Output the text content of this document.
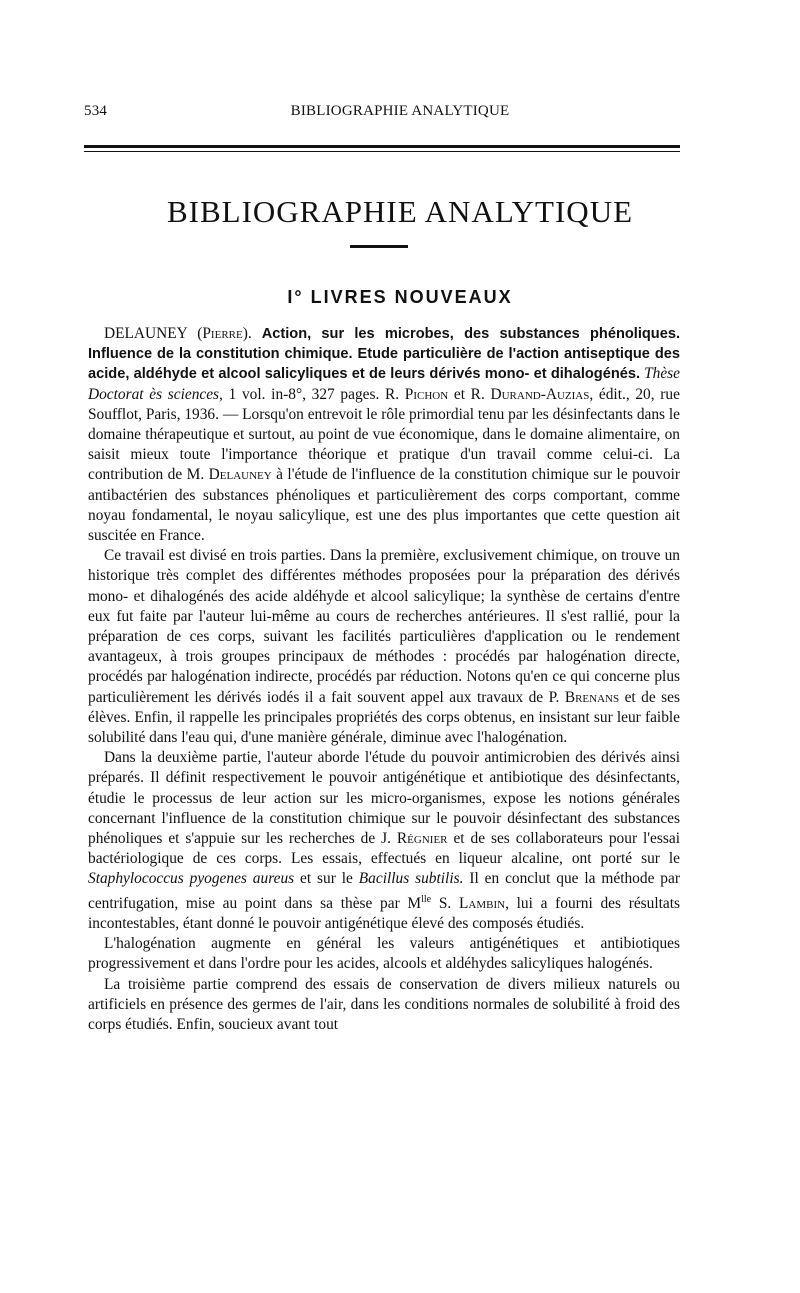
534	BIBLIOGRAPHIE ANALYTIQUE
BIBLIOGRAPHIE ANALYTIQUE
I° LIVRES NOUVEAUX

DELAUNEY (Pierre). Action, sur les microbes, des substances phénoliques. Influence de la constitution chimique. Etude particulière de l'action antiseptique des acide, aldéhyde et alcool salicyliques et de leurs dérivés mono- et dihalogénés. Thèse Doctorat ès sciences, 1 vol. in-8°, 327 pages. R. Pichon et R. Durand-Auzias, édit., 20, rue Soufflot, Paris, 1936. — Lorsqu'on entrevoit le rôle primordial tenu par les désinfectants dans le domaine thérapeutique et surtout, au point de vue économique, dans le domaine alimentaire, on saisit mieux toute l'importance théorique et pratique d'un travail comme celui-ci. La contribution de M. Delauney à l'étude de l'influence de la constitution chimique sur le pouvoir antibactérien des substances phénoliques et particulièrement des corps comportant, comme noyau fondamental, le noyau salicylique, est une des plus importantes que cette question ait suscitée en France.

Ce travail est divisé en trois parties. Dans la première, exclusivement chimique, on trouve un historique très complet des différentes méthodes proposées pour la préparation des dérivés mono- et dihalogénés des acide aldéhyde et alcool salicylique; la synthèse de certains d'entre eux fut faite par l'auteur lui-même au cours de recherches antérieures. Il s'est rallié, pour la préparation de ces corps, suivant les facilités particulières d'application ou le rendement avantageux, à trois groupes principaux de méthodes : procédés par halogénation directe, procédés par halogénation indirecte, procédés par réduction. Notons qu'en ce qui concerne plus particulièrement les dérivés iodés il a fait souvent appel aux travaux de P. Brenans et de ses élèves. Enfin, il rappelle les principales propriétés des corps obtenus, en insistant sur leur faible solubilité dans l'eau qui, d'une manière générale, diminue avec l'halogénation.

Dans la deuxième partie, l'auteur aborde l'étude du pouvoir antimicrobien des dérivés ainsi préparés. Il définit respectivement le pouvoir antigénétique et antibiotique des désinfectants, étudie le processus de leur action sur les micro-organismes, expose les notions générales concernant l'influence de la constitution chimique sur le pouvoir désinfectant des substances phénoliques et s'appuie sur les recherches de J. Régnier et de ses collaborateurs pour l'essai bactériologique de ces corps. Les essais, effectués en liqueur alcaline, ont porté sur le Staphylococcus pyogenes aureus et sur le Bacillus subtilis. Il en conclut que la méthode par centrifugation, mise au point dans sa thèse par $M^{lle}$ S. Lambin, lui a fourni des résultats incontestables, étant donné le pouvoir antigénétique élevé des composés étudiés.

L'halogénation augmente en général les valeurs antigénétiques et antibiotiques progressivement et dans l'ordre pour les acides, alcools et aldéhydes salicyliques halogénés.

La troisième partie comprend des essais de conservation de divers milieux naturels ou artificiels en présence des germes de l'air, dans les conditions normales de solubilité à froid des corps étudiés. Enfin, soucieux avant tout
